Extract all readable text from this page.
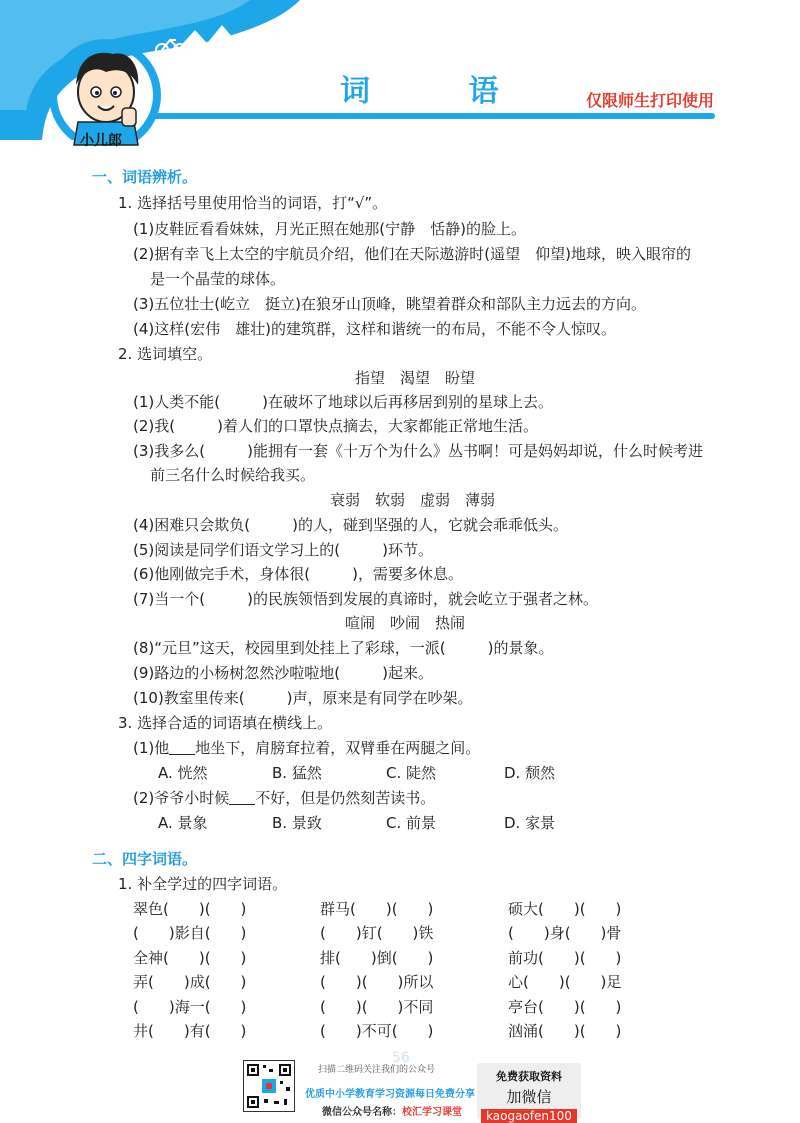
小儿郎
词 语	仅限师生打印使用
一、词语辨析。
1. 选择括号里使用恰当的词语，打“√”。
(1)皮鞋匠看看妹妹，月光正照在她那(宁静　恬静)的脸上。
(2)据有幸飞上太空的宇航员介绍，他们在天际遨游时(遥望　仰望)地球，映入眼帘的
是一个晶莹的球体。
(3)五位壮士(屹立　挺立)在狼牙山顶峰，眺望着群众和部队主力远去的方向。
(4)这样(宏伟　雄壮)的建筑群，这样和谐统一的布局，不能不令人惊叹。
2. 选词填空。
指望　渴望　盼望
(1)人类不能(	)在破坏了地球以后再移居到别的星球上去。
(2)我(	)着人们的口罩快点摘去，大家都能正常地生活。
(3)我多么(	)能拥有一套《十万个为什么》丛书啊！可是妈妈却说，什么时候考进
前三名什么时候给我买。
衰弱　软弱　虚弱　薄弱
(4)困难只会欺负(	)的人，碰到坚强的人，它就会乖乖低头。
(5)阅读是同学们语文学习上的(	)环节。
(6)他刚做完手术，身体很(	)，需要多休息。
(7)当一个(	)的民族领悟到发展的真谛时，就会屹立于强者之林。
喧闹　吵闹　热闹
(8)“元旦”这天，校园里到处挂上了彩球，一派(	)的景象。
(9)路边的小杨树忽然沙啦啦地(	)起来。
(10)教室里传来(	)声，原来是有同学在吵架。
3. 选择合适的词语填在横线上。
(1)他 地坐下，肩膀耷拉着，双臂垂在两腿之间。
A. 恍然	B. 猛然	C. 陡然	D. 颓然
(2)爷爷小时候 不好，但是仍然刻苦读书。
A. 景象	B. 景致	C. 前景	D. 家景
二、四字词语。
1. 补全学过的四字词语。
翠色(　　)(　　)	群马(　　)(　　)	硕大(　　)(　　)
(　　)影自(　　)	(　　)钉(　　)铁	(　　)身(　　)骨
全神(　　)(　　)	排(　　)倒(　　)	前功(　　)(　　)
弄(　　)成(　　)	(　　)(　　)所以	心(　　)(　　)足
(　　)海一(　　)	(　　)(　　)不同	亭台(　　)(　　)
井(　　)有(　　)	(　　)不可(　　)	汹涌(　　)(　　)
56
扫描二维码关注我们的公众号
优质中小学教育学习资源每日免费分享
微信公众号名称：校汇学习课堂
免费获取资料
加微信
kaogaofen100
